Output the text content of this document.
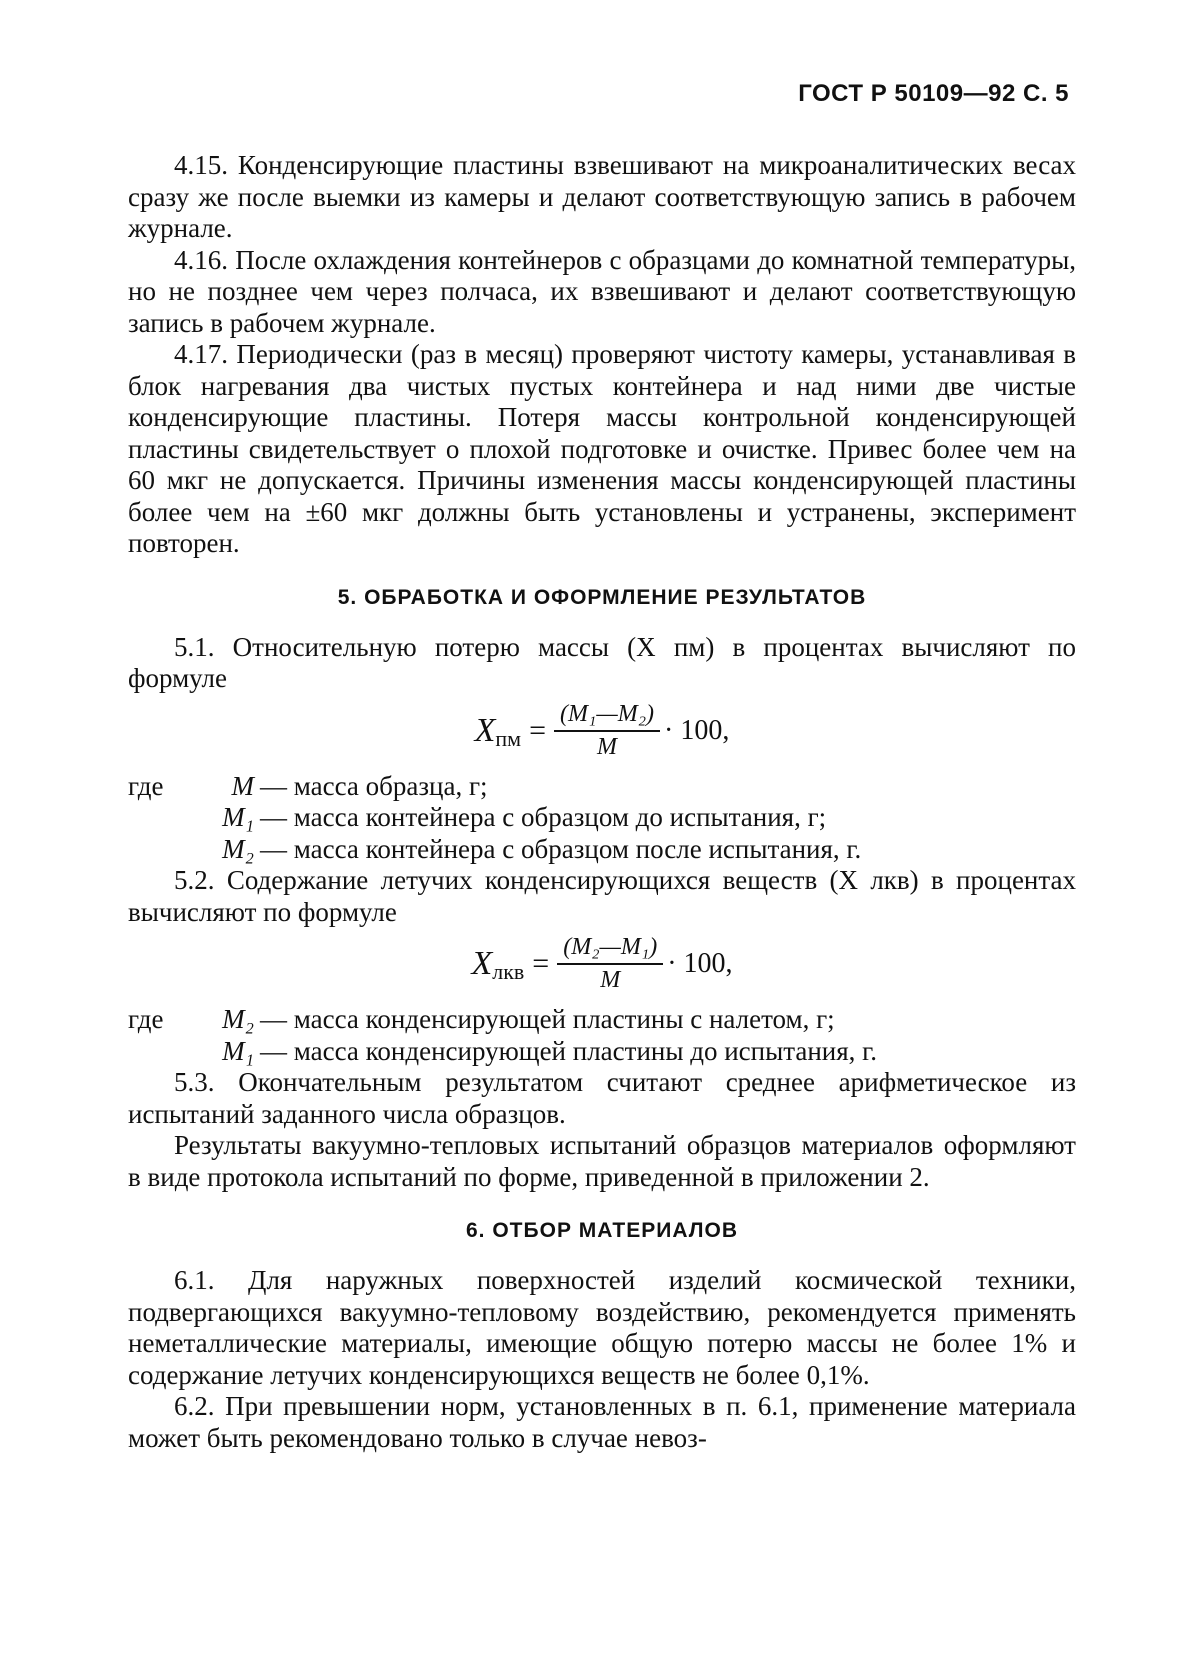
ГОСТ Р 50109—92 С. 5

4.15. Конденсирующие пластины взвешивают на микроаналитических весах сразу же после выемки из камеры и делают соответствующую запись в рабочем журнале.

4.16. После охлаждения контейнеров с образцами до комнатной температуры, но не позднее чем через полчаса, их взвешивают и делают соответствующую запись в рабочем журнале.

4.17. Периодически (раз в месяц) проверяют чистоту камеры, устанавливая в блок нагревания два чистых пустых контейнера и над ними две чистые конденсирующие пластины. Потеря массы контрольной конденсирующей пластины свидетельствует о плохой подготовке и очистке. Привес более чем на 60 мкг не допускается. Причины изменения массы конденсирующей пластины более чем на ±60 мкг должны быть установлены и устранены, эксперимент повторен.

5. ОБРАБОТКА И ОФОРМЛЕНИЕ РЕЗУЛЬТАТОВ

5.1. Относительную потерю массы (X пм) в процентах вычисляют по формуле

X пм = $\frac{\text{(M₁—M₂)}}{M} \cdot 100$,
где	M — масса образца, г;
M₁ — масса контейнера с образцом до испытания, г;
M₂ — масса контейнера с образцом после испытания, г.

5.2. Содержание летучих конденсирующихся веществ (X лкв) в процентах вычисляют по формуле

X лкв = $\frac{\text{(M₂—M₁)}}{M} \cdot 100$,
где	M₂ — масса конденсирующей пластины с налетом, г;
M₁ — масса конденсирующей пластины до испытания, г.

5.3. Окончательным результатом считают среднее арифметическое из испытаний заданного числа образцов.

Результаты вакуумно-тепловых испытаний образцов материалов оформляют в виде протокола испытаний по форме, приведенной в приложении 2.

6. ОТБОР МАТЕРИАЛОВ

6.1. Для наружных поверхностей изделий космической техники, подвергающихся вакуумно-тепловому воздействию, рекомендуется применять неметаллические материалы, имеющие общую потерю массы не более 1% и содержание летучих конденсирующихся веществ не более 0,1%.

6.2. При превышении норм, установленных в п. 6.1, применение материала может быть рекомендовано только в случае невоз-
